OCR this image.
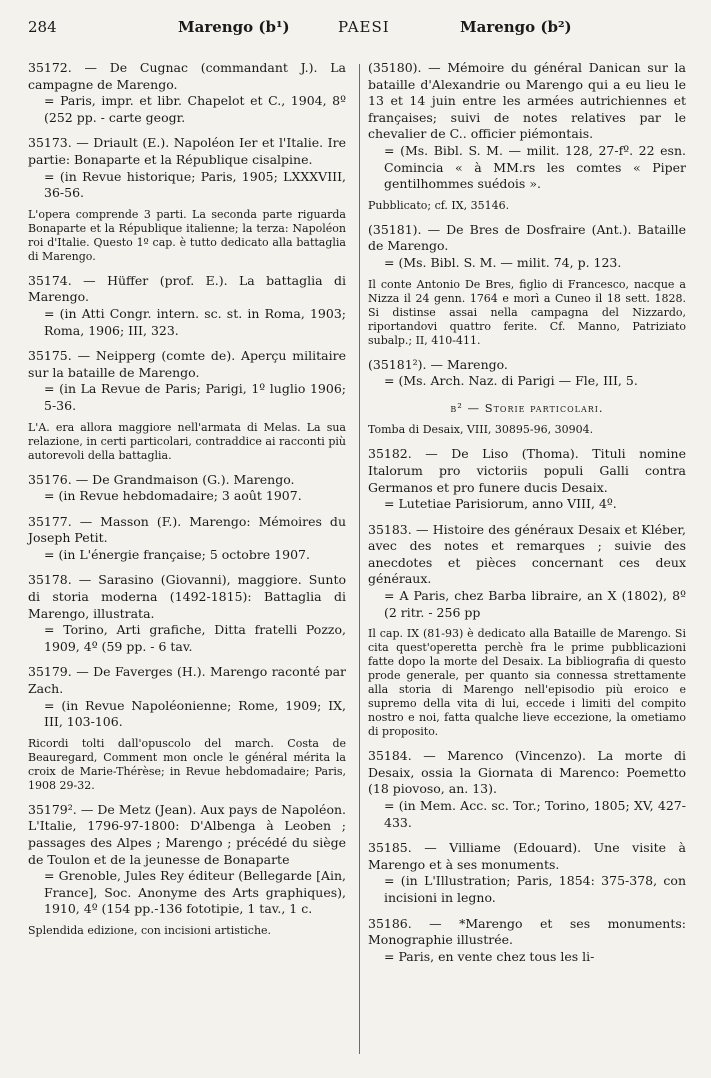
284	Marengo (b¹)	PAESI	Marengo (b²)
35172. — De Cugnac (commandant J.). La campagne de Marengo.
= Paris, impr. et libr. Chapelot et C., 1904, 8º (252 pp. - carte geogr.
35173. — Driault (E.). Napoléon Ier et l'Italie. Ire partie: Bonaparte et la République cisalpine.
= (in Revue historique; Paris, 1905; LXXXVIII, 36-56.
L'opera comprende 3 parti. La seconda parte riguarda Bonaparte et la République italienne; la terza: Napoléon roi d'Italie. Questo 1º cap. è tutto dedicato alla battaglia di Marengo.
35174. — Hüffer (prof. E.). La battaglia di Marengo.
= (in Atti Congr. intern. sc. st. in Roma, 1903; Roma, 1906; III, 323.
35175. — Neipperg (comte de). Aperçu militaire sur la bataille de Marengo.
= (in La Revue de Paris; Parigi, 1º luglio 1906; 5-36.
L'A. era allora maggiore nell'armata di Melas. La sua relazione, in certi particolari, contraddice ai racconti più autorevoli della battaglia.
35176. — De Grandmaison (G.). Marengo.
= (in Revue hebdomadaire; 3 août 1907.
35177. — Masson (F.). Marengo: Mémoires du Joseph Petit.
= (in L'énergie française; 5 octobre 1907.
35178. — Sarasino (Giovanni), maggiore. Sunto di storia moderna (1492-1815): Battaglia di Marengo, illustrata.
= Torino, Arti grafiche, Ditta fratelli Pozzo, 1909, 4º (59 pp. - 6 tav.
35179. — De Faverges (H.). Marengo raconté par Zach.
= (in Revue Napoléonienne; Rome, 1909; IX, III, 103-106.
Ricordi tolti dall'opuscolo del march. Costa de Beauregard, Comment mon oncle le général mérita la croix de Marie-Thérèse; in Revue hebdomadaire; Paris, 1908 29-32.
35179². — De Metz (Jean). Aux pays de Napoléon. L'Italie, 1796-97-1800: D'Albenga à Leoben ; passages des Alpes ; Marengo ; précédé du siège de Toulon et de la jeunesse de Bonaparte
= Grenoble, Jules Rey éditeur (Bellegarde [Ain, France], Soc. Anonyme des Arts graphiques), 1910, 4º (154 pp.-136 fototipie, 1 tav., 1 c.
Splendida edizione, con incisioni artistiche.
(35180). — Mémoire du général Danican sur la bataille d'Alexandrie ou Marengo qui a eu lieu le 13 et 14 juin entre les armées autrichiennes et françaises; suivi de notes relatives par le chevalier de C.. officier piémontais.
= (Ms. Bibl. S. M. — milit. 128, 27-fº. 22 esn. Comincia « à MM.rs les comtes « Piper gentilhommes suédois ».
Pubblicato; cf. IX, 35146.
(35181). — De Bres de Dosfraire (Ant.). Bataille de Marengo.
= (Ms. Bibl. S. M. — milit. 74, p. 123.
Il conte Antonio De Bres, figlio di Francesco, nacque a Nizza il 24 genn. 1764 e morì a Cuneo il 18 sett. 1828. Si distinse assai nella campagna del Nizzardo, riportandovi quattro ferite. Cf. Manno, Patriziato subalp.; II, 410-411.
(35181²). — Marengo.
= (Ms. Arch. Naz. di Parigi — Fle, III, 5.
b² — Storie particolari.
Tomba di Desaix, VIII, 30895-96, 30904.
35182. — De Liso (Thoma). Tituli nomine Italorum pro victoriis populi Galli contra Germanos et pro funere ducis Desaix.
= Lutetiae Parisiorum, anno VIII, 4º.
35183. — Histoire des généraux Desaix et Kléber, avec des notes et remarques ; suivie des anecdotes et pièces concernant ces deux généraux.
= A Paris, chez Barba libraire, an X (1802), 8º (2 ritr. - 256 pp
Il cap. IX (81-93) è dedicato alla Bataille de Marengo. Si cita quest'operetta perchè fra le prime pubblicazioni fatte dopo la morte del Desaix. La bibliografia di questo prode generale, per quanto sia connessa strettamente alla storia di Marengo nell'episodio più eroico e supremo della vita di lui, eccede i limiti del compito nostro e noi, fatta qualche lieve eccezione, la ometiamo di proposito.
35184. — Marenco (Vincenzo). La morte di Desaix, ossia la Giornata di Marenco: Poemetto (18 piovoso, an. 13).
= (in Mem. Acc. sc. Tor.; Torino, 1805; XV, 427-433.
35185. — Villiame (Edouard). Une visite à Marengo et à ses monuments.
= (in L'Illustration; Paris, 1854: 375-378, con incisioni in legno.
35186. — *Marengo et ses monuments: Monographie illustrée.
= Paris, en vente chez tous les li-
